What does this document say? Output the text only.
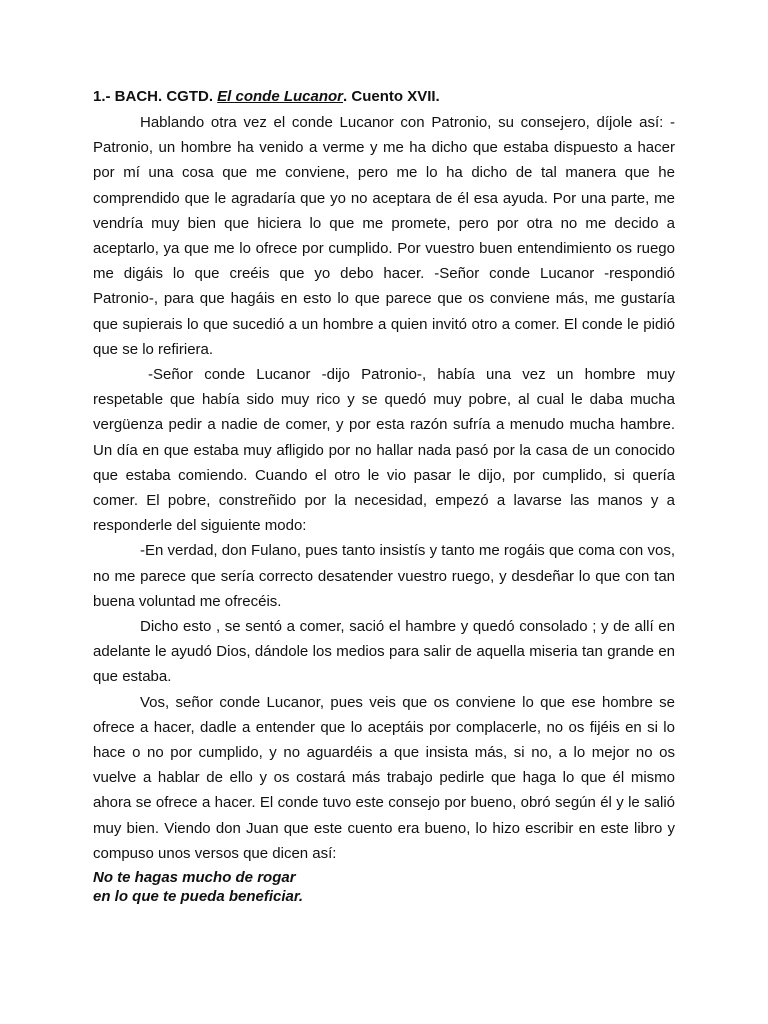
1.- BACH. CGTD. El conde Lucanor. Cuento XVII.

Hablando otra vez el conde Lucanor con Patronio, su consejero, díjole así: -Patronio, un hombre ha venido a verme y me ha dicho que estaba dispuesto a hacer por mí una cosa que me conviene, pero me lo ha dicho de tal manera que he comprendido que le agradaría que yo no aceptara de él esa ayuda. Por una parte, me vendría muy bien que hiciera lo que me promete, pero por otra no me decido a aceptarlo, ya que me lo ofrece por cumplido. Por vuestro buen entendimiento os ruego me digáis lo que creéis que yo debo hacer. -Señor conde Lucanor -respondió Patronio-, para que hagáis en esto lo que parece que os conviene más, me gustaría que supierais lo que sucedió a un hombre a quien invitó otro a comer. El conde le pidió que se lo refiriera.

-Señor conde Lucanor -dijo Patronio-, había una vez un hombre muy respetable que había sido muy rico y se quedó muy pobre, al cual le daba mucha vergüenza pedir a nadie de comer, y por esta razón sufría a menudo mucha hambre. Un día en que estaba muy afligido por no hallar nada pasó por la casa de un conocido que estaba comiendo. Cuando el otro le vio pasar le dijo, por cumplido, si quería comer. El pobre, constreñido por la necesidad, empezó a lavarse las manos y a responderle del siguiente modo:

-En verdad, don Fulano, pues tanto insistís y tanto me rogáis que coma con vos, no me parece que sería correcto desatender vuestro ruego, y desdeñar lo que con tan buena voluntad me ofrecéis.

Dicho esto , se sentó a comer, sació el hambre y quedó consolado ; y de allí en adelante le ayudó Dios, dándole los medios para salir de aquella miseria tan grande en que estaba.

Vos, señor conde Lucanor, pues veis que os conviene lo que ese hombre se ofrece a hacer, dadle a entender que lo aceptáis por complacerle, no os fijéis en si lo hace o no por cumplido, y no aguardéis a que insista más, si no, a lo mejor no os vuelve a hablar de ello y os costará más trabajo pedirle que haga lo que él mismo ahora se ofrece a hacer. El conde tuvo este consejo por bueno, obró según él y le salió muy bien. Viendo don Juan que este cuento era bueno, lo hizo escribir en este libro y compuso unos versos que dicen así:

No te hagas mucho de rogar
en lo que te pueda beneficiar.
